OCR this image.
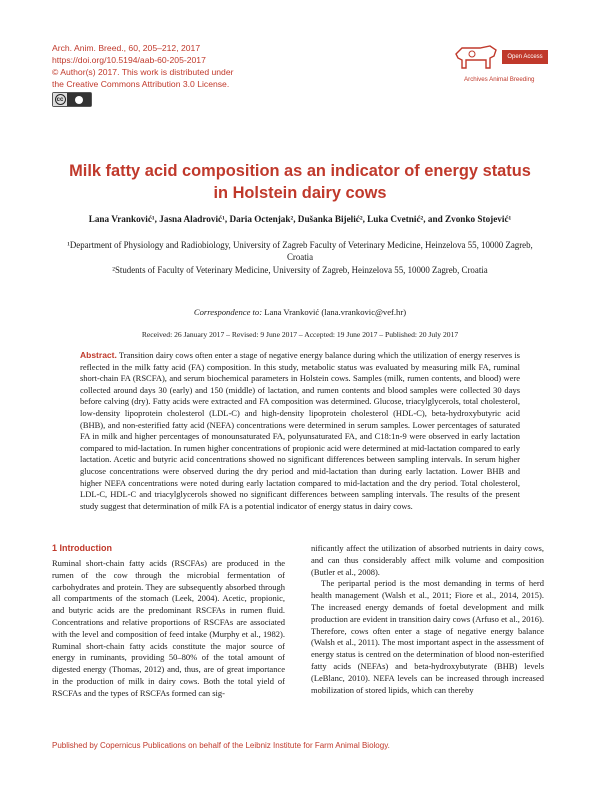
Arch. Anim. Breed., 60, 205–212, 2017
https://doi.org/10.5194/aab-60-205-2017
© Author(s) 2017. This work is distributed under
the Creative Commons Attribution 3.0 License.
cc
Open Access
Archives Animal Breeding
Milk fatty acid composition as an indicator of energy status in Holstein dairy cows
Lana Vranković¹, Jasna Aladrović¹, Daria Octenjak², Dušanka Bijelić², Luka Cvetnić², and Zvonko Stojević¹
¹Department of Physiology and Radiobiology, University of Zagreb Faculty of Veterinary Medicine, Heinzelova 55, 10000 Zagreb, Croatia
²Students of Faculty of Veterinary Medicine, University of Zagreb, Heinzelova 55, 10000 Zagreb, Croatia
Correspondence to: Lana Vranković (lana.vrankovic@vef.hr)
Received: 26 January 2017 – Revised: 9 June 2017 – Accepted: 19 June 2017 – Published: 20 July 2017
Abstract. Transition dairy cows often enter a stage of negative energy balance during which the utilization of energy reserves is reflected in the milk fatty acid (FA) composition. In this study, metabolic status was evaluated by measuring milk FA, ruminal short-chain FA (RSCFA), and serum biochemical parameters in Holstein cows. Samples (milk, rumen contents, and blood) were collected around days 30 (early) and 150 (middle) of lactation, and rumen contents and blood samples were collected 30 days before calving (dry). Fatty acids were extracted and FA composition was determined. Glucose, triacylglycerols, total cholesterol, low-density lipoprotein cholesterol (LDL-C) and high-density lipoprotein cholesterol (HDL-C), beta-hydroxybutyric acid (BHB), and non-esterified fatty acid (NEFA) concentrations were determined in serum samples. Lower percentages of saturated FA in milk and higher percentages of monounsaturated FA, polyunsaturated FA, and C18:1n-9 were observed in early lactation compared to mid-lactation. In rumen higher concentrations of propionic acid were determined at mid-lactation compared to early lactation. Acetic and butyric acid concentrations showed no significant differences between sampling intervals. In serum higher glucose concentrations were observed during the dry period and mid-lactation than during early lactation. Lower BHB and higher NEFA concentrations were noted during early lactation compared to mid-lactation and the dry period. Total cholesterol, LDL-C, HDL-C and triacylglycerols showed no significant differences between sampling intervals. The results of the present study suggest that determination of milk FA is a potential indicator of energy status in dairy cows.
1 Introduction

Ruminal short-chain fatty acids (RSCFAs) are produced in the rumen of the cow through the microbial fermentation of carbohydrates and protein. They are subsequently absorbed through all compartments of the stomach (Leek, 2004). Acetic, propionic, and butyric acids are the predominant RSCFAs in rumen fluid. Concentrations and relative proportions of RSCFAs are associated with the level and composition of feed intake (Murphy et al., 1982). Ruminal short-chain fatty acids constitute the major source of energy in ruminants, providing 50–80% of the total amount of digested energy (Thomas, 2012) and, thus, are of great importance in the production of milk in dairy cows. Both the total yield of RSCFAs and the types of RSCFAs formed can sig-

nificantly affect the utilization of absorbed nutrients in dairy cows, and can thus considerably affect milk volume and composition (Butler et al., 2008).

The peripartal period is the most demanding in terms of herd health management (Walsh et al., 2011; Fiore et al., 2014, 2015). The increased energy demands of foetal development and milk production are evident in transition dairy cows (Arfuso et al., 2016). Therefore, cows often enter a stage of negative energy balance (Walsh et al., 2011). The most important aspect in the assessment of energy status is centred on the determination of blood non-esterified fatty acids (NEFAs) and beta-hydroxybutyrate (BHB) levels (LeBlanc, 2010). NEFA levels can be increased through increased mobilization of stored lipids, which can thereby

Published by Copernicus Publications on behalf of the Leibniz Institute for Farm Animal Biology.
